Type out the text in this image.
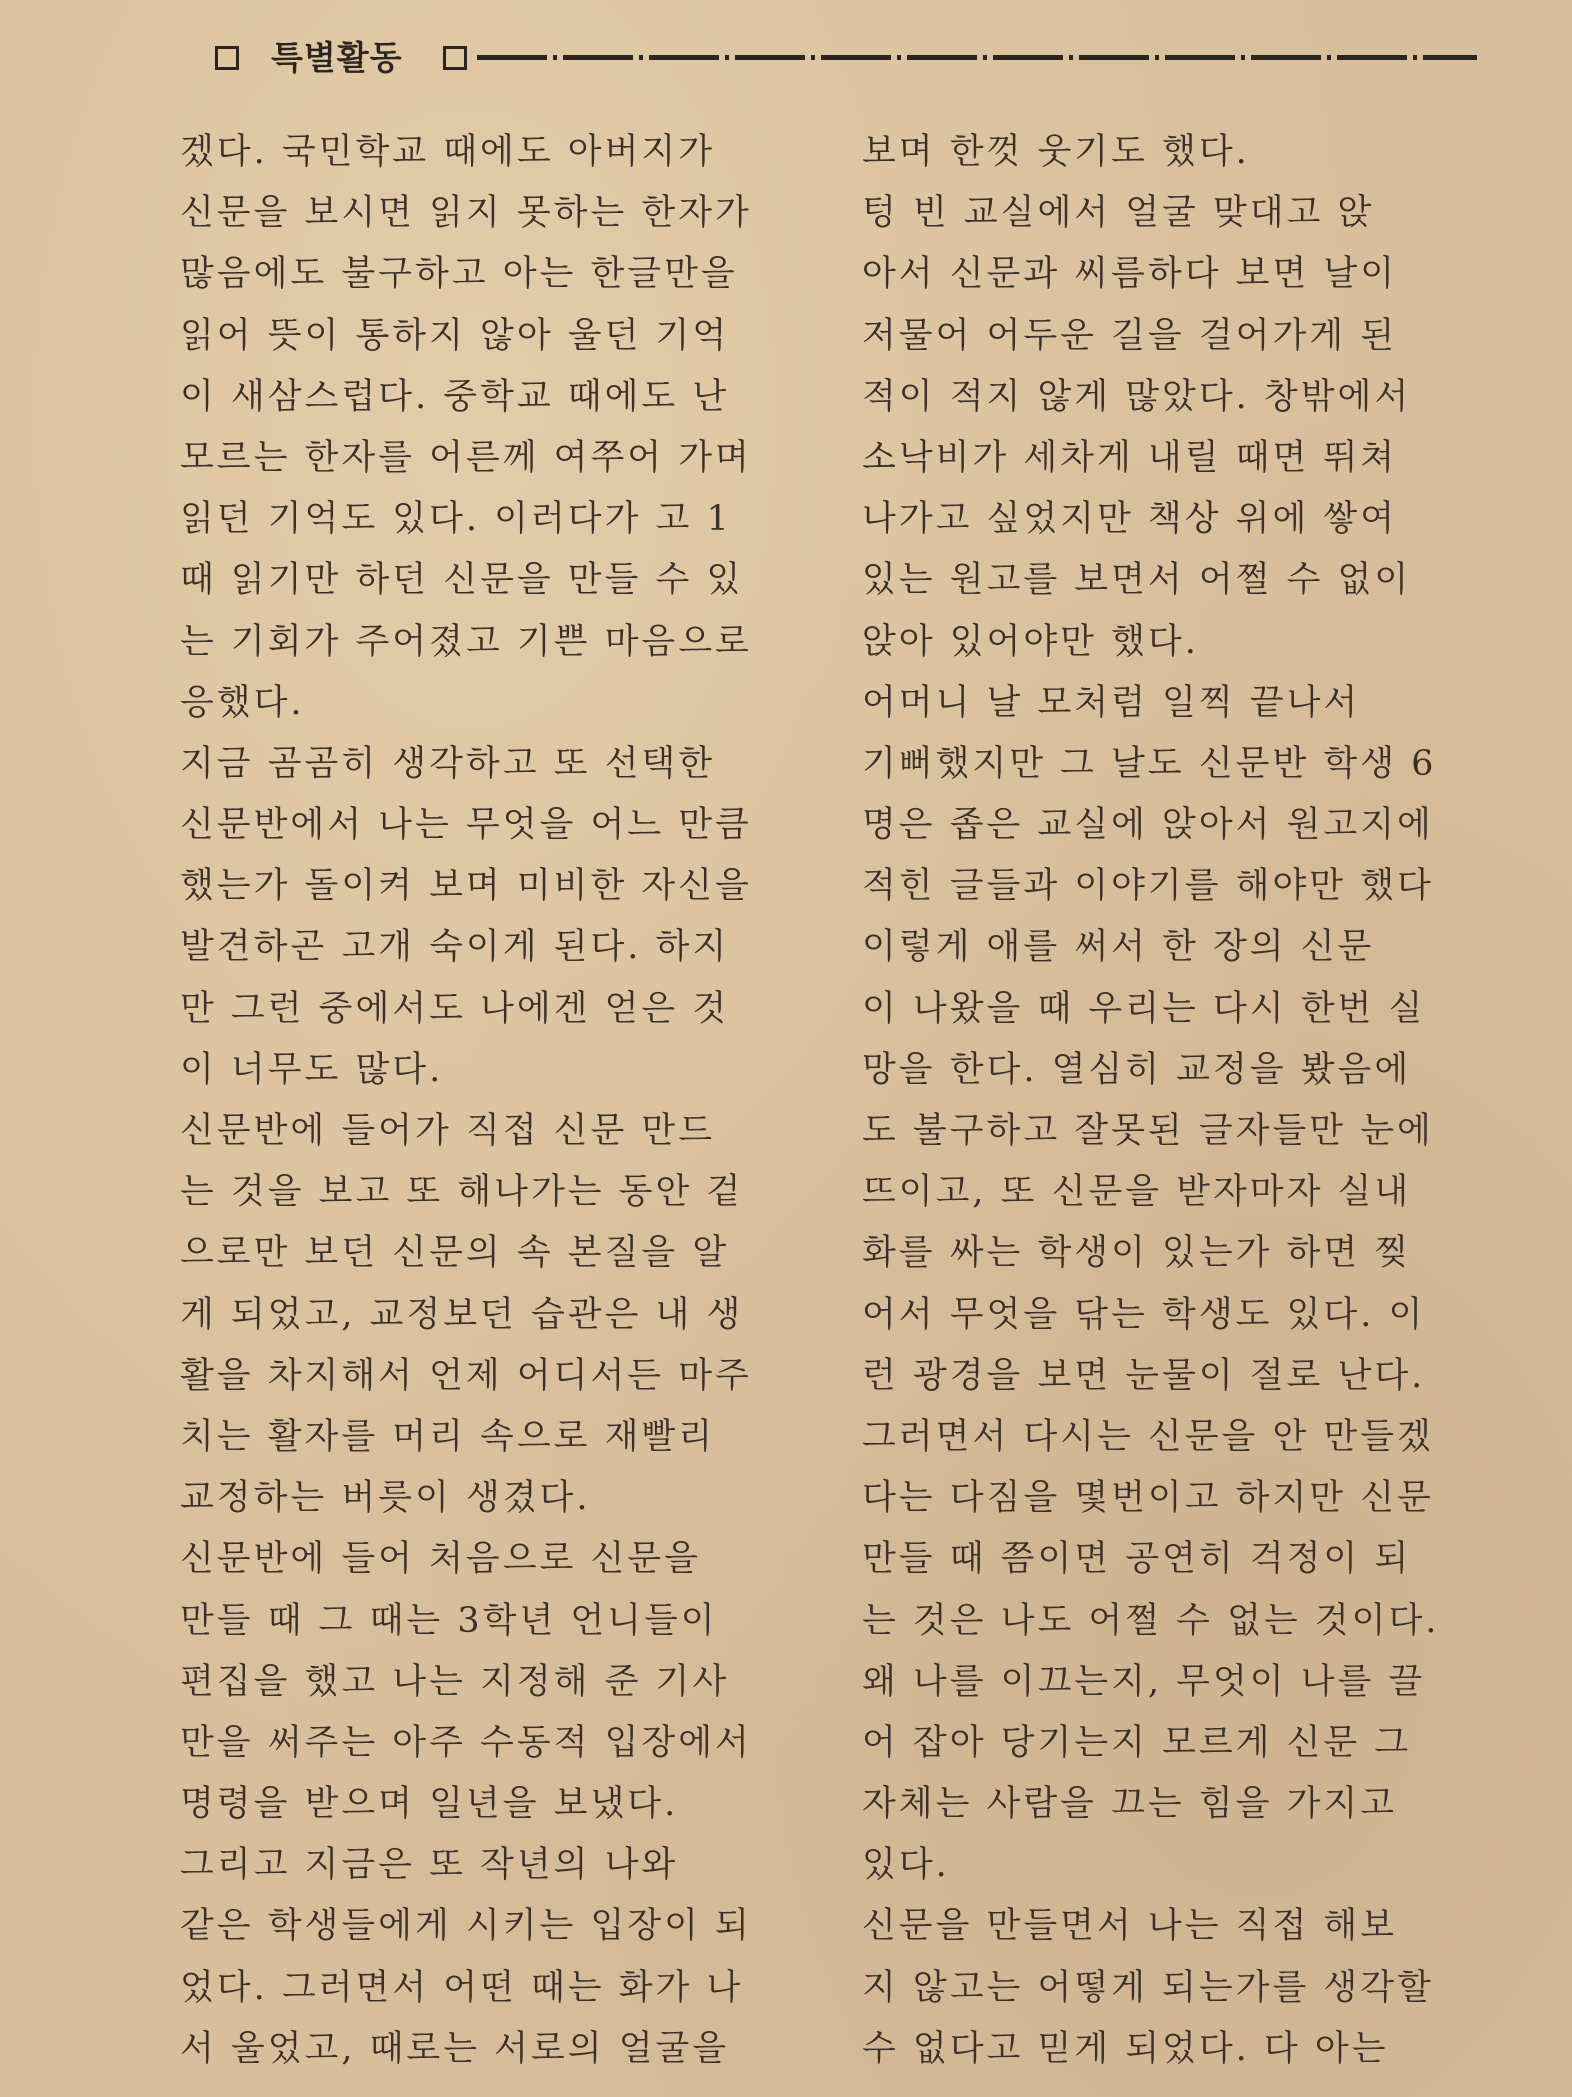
특별활동
겠다. 국민학교 때에도 아버지가
신문을 보시면 읽지 못하는 한자가
많음에도 불구하고 아는 한글만을
읽어 뜻이 통하지 않아 울던 기억
이 새삼스럽다. 중학교 때에도 난
모르는 한자를 어른께 여쭈어 가며
읽던 기억도 있다. 이러다가 고 1
때 읽기만 하던 신문을 만들 수 있
는 기회가 주어졌고 기쁜 마음으로
응했다.
지금 곰곰히 생각하고 또 선택한
신문반에서 나는 무엇을 어느 만큼
했는가 돌이켜 보며 미비한 자신을
발견하곤 고개 숙이게 된다. 하지
만 그런 중에서도 나에겐 얻은 것
이 너무도 많다.
신문반에 들어가 직접 신문 만드
는 것을 보고 또 해나가는 동안 겉
으로만 보던 신문의 속 본질을 알
게 되었고, 교정보던 습관은 내 생
활을 차지해서 언제 어디서든 마주
치는 활자를 머리 속으로 재빨리
교정하는 버릇이 생겼다.
신문반에 들어 처음으로 신문을
만들 때 그 때는 3학년 언니들이
편집을 했고 나는 지정해 준 기사
만을 써주는 아주 수동적 입장에서
명령을 받으며 일년을 보냈다.
그리고 지금은 또 작년의 나와
같은 학생들에게 시키는 입장이 되
었다. 그러면서 어떤 때는 화가 나
서 울었고, 때로는 서로의 얼굴을
보며 한껏 웃기도 했다.
텅 빈 교실에서 얼굴 맞대고 앉
아서 신문과 씨름하다 보면 날이
저물어 어두운 길을 걸어가게 된
적이 적지 않게 많았다. 창밖에서
소낙비가 세차게 내릴 때면 뛰쳐
나가고 싶었지만 책상 위에 쌓여
있는 원고를 보면서 어쩔 수 없이
앉아 있어야만 했다.
어머니 날 모처럼 일찍 끝나서
기뻐했지만 그 날도 신문반 학생 6
명은 좁은 교실에 앉아서 원고지에
적힌 글들과 이야기를 해야만 했다
이렇게 애를 써서 한 장의 신문
이 나왔을 때 우리는 다시 한번 실
망을 한다. 열심히 교정을 봤음에
도 불구하고 잘못된 글자들만 눈에
뜨이고, 또 신문을 받자마자 실내
화를 싸는 학생이 있는가 하면 찢
어서 무엇을 닦는 학생도 있다. 이
런 광경을 보면 눈물이 절로 난다.
그러면서 다시는 신문을 안 만들겠
다는 다짐을 몇번이고 하지만 신문
만들 때 쯤이면 공연히 걱정이 되
는 것은 나도 어쩔 수 없는 것이다.
왜 나를 이끄는지, 무엇이 나를 끌
어 잡아 당기는지 모르게 신문 그
자체는 사람을 끄는 힘을 가지고
있다.
신문을 만들면서 나는 직접 해보
지 않고는 어떻게 되는가를 생각할
수 없다고 믿게 되었다. 다 아는
